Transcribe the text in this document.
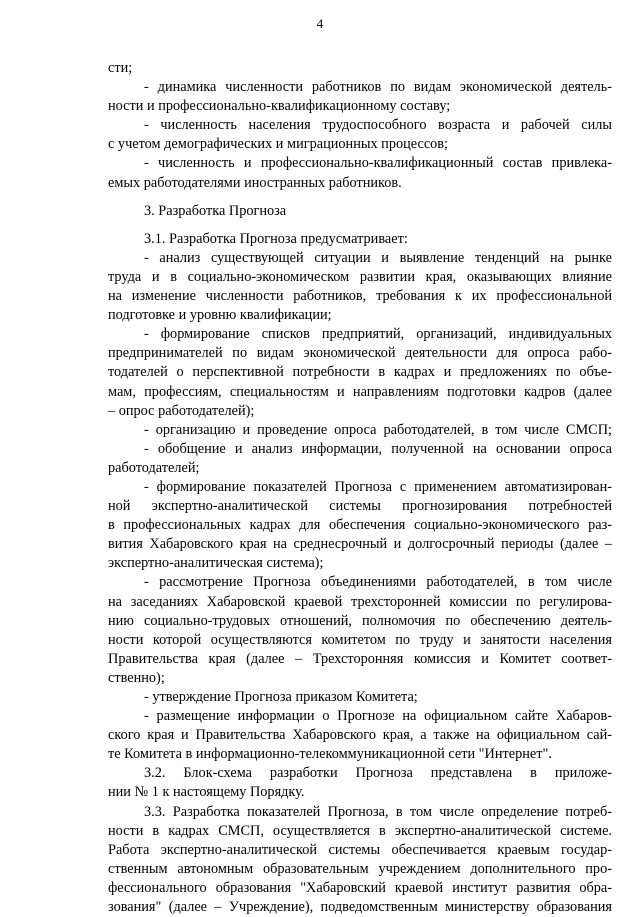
4
сти;
- динамика численности работников по видам экономической деятель-
ности и профессионально-квалификационному составу;
- численность населения трудоспособного возраста и рабочей силы
с учетом демографических и миграционных процессов;
- численность и профессионально-квалификационный состав привлека-
емых работодателями иностранных работников.
3. Разработка Прогноза
3.1. Разработка Прогноза предусматривает:
- анализ существующей ситуации и выявление тенденций на рынке
труда и в социально-экономическом развитии края, оказывающих влияние
на изменение численности работников, требования к их профессиональной
подготовке и уровню квалификации;
- формирование списков предприятий, организаций, индивидуальных
предпринимателей по видам экономической деятельности для опроса рабо-
тодателей о перспективной потребности в кадрах и предложениях по объе-
мам, профессиям, специальностям и направлениям подготовки кадров (далее
– опрос работодателей);
- организацию и проведение опроса работодателей, в том числе СМСП;
- обобщение и анализ информации, полученной на основании опроса
работодателей;
- формирование показателей Прогноза с применением автоматизирован-
ной экспертно-аналитической системы прогнозирования потребностей
в профессиональных кадрах для обеспечения социально-экономического раз-
вития Хабаровского края на среднесрочный и долгосрочный периоды (далее –
экспертно-аналитическая система);
- рассмотрение Прогноза объединениями работодателей, в том числе
на заседаниях Хабаровской краевой трехсторонней комиссии по регулирова-
нию социально-трудовых отношений, полномочия по обеспечению деятель-
ности которой осуществляются комитетом по труду и занятости населения
Правительства края (далее – Трехсторонняя комиссия и Комитет соответ-
ственно);
- утверждение Прогноза приказом Комитета;
- размещение информации о Прогнозе на официальном сайте Хабаров-
ского края и Правительства Хабаровского края, а также на официальном сай-
те Комитета в информационно-телекоммуникационной сети "Интернет".
3.2. Блок-схема разработки Прогноза представлена в приложе-
нии № 1 к настоящему Порядку.
3.3. Разработка показателей Прогноза, в том числе определение потреб-
ности в кадрах СМСП, осуществляется в экспертно-аналитической системе.
Работа экспертно-аналитической системы обеспечивается краевым государ-
ственным автономным образовательным учреждением дополнительного про-
фессионального образования "Хабаровский краевой институт развития обра-
зования" (далее – Учреждение), подведомственным министерству образования
